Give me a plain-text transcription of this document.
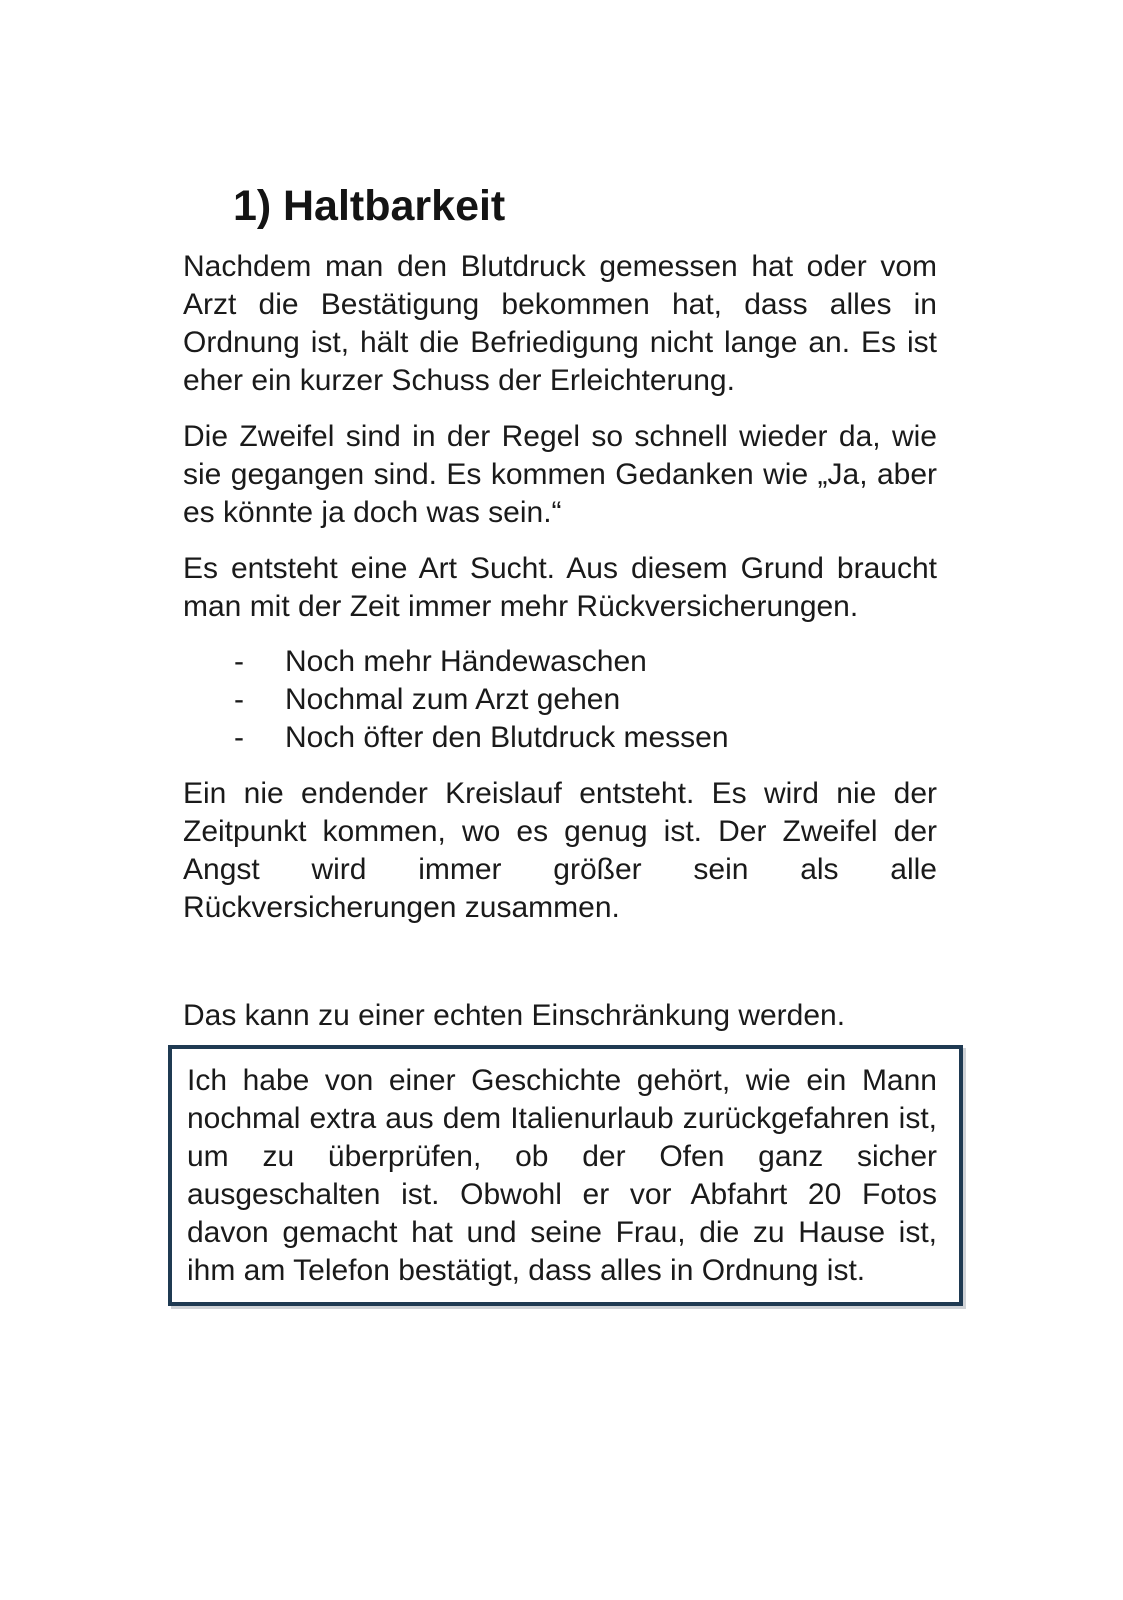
1) Haltbarkeit

Nachdem man den Blutdruck gemessen hat oder vom Arzt die Bestätigung bekommen hat, dass alles in Ordnung ist, hält die Befriedigung nicht lange an. Es ist eher ein kurzer Schuss der Erleichterung.

Die Zweifel sind in der Regel so schnell wieder da, wie sie gegangen sind. Es kommen Gedanken wie „Ja, aber es könnte ja doch was sein.“

Es entsteht eine Art Sucht. Aus diesem Grund braucht man mit der Zeit immer mehr Rückversicherungen.

-	Noch mehr Händewaschen
-	Nochmal zum Arzt gehen
-	Noch öfter den Blutdruck messen

Ein nie endender Kreislauf entsteht. Es wird nie der Zeitpunkt kommen, wo es genug ist. Der Zweifel der Angst wird immer größer sein als alle Rückversicherungen zusammen.

Das kann zu einer echten Einschränkung werden.

Ich habe von einer Geschichte gehört, wie ein Mann nochmal extra aus dem Italienurlaub zurückgefahren ist, um zu überprüfen, ob der Ofen ganz sicher ausgeschalten ist. Obwohl er vor Abfahrt 20 Fotos davon gemacht hat und seine Frau, die zu Hause ist, ihm am Telefon bestätigt, dass alles in Ordnung ist.
